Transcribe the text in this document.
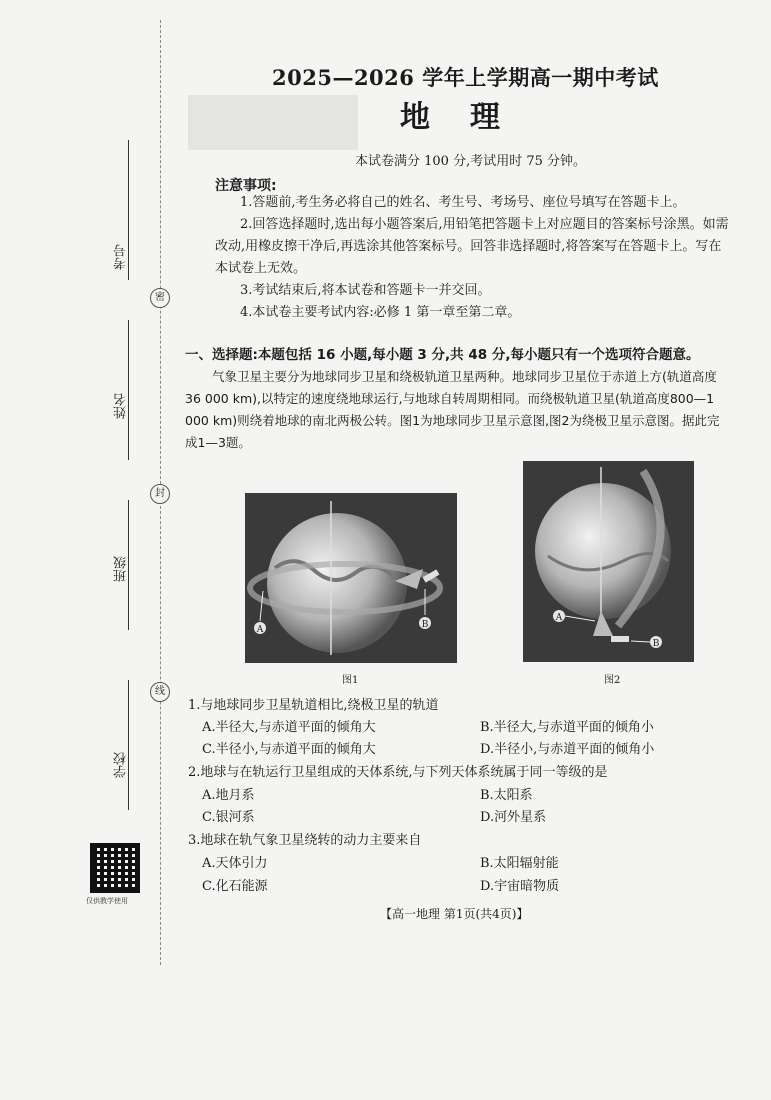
密
封
线
考号
姓名
班级
学校
仅供教学使用
2025—2026 学年上学期高一期中考试
地理
本试卷满分 100 分,考试用时 75 分钟。
注意事项:
1.答题前,考生务必将自己的姓名、考生号、考场号、座位号填写在答题卡上。
2.回答选择题时,选出每小题答案后,用铅笔把答题卡上对应题目的答案标号涂黑。如需改动,用橡皮擦干净后,再选涂其他答案标号。回答非选择题时,将答案写在答题卡上。写在本试卷上无效。
3.考试结束后,将本试卷和答题卡一并交回。
4.本试卷主要考试内容:必修 1 第一章至第二章。
一、选择题:本题包括 16 小题,每小题 3 分,共 48 分,每小题只有一个选项符合题意。
气象卫星主要分为地球同步卫星和绕极轨道卫星两种。地球同步卫星位于赤道上方(轨道高度36 000 km),以特定的速度绕地球运行,与地球自转周期相同。而绕极轨道卫星(轨道高度800—1 000 km)则绕着地球的南北两极公转。图1为地球同步卫星示意图,图2为绕极卫星示意图。据此完成1—3题。
A	B
图1
A
B
图2
1.与地球同步卫星轨道相比,绕极卫星的轨道
A.半径大,与赤道平面的倾角大	B.半径大,与赤道平面的倾角小
C.半径小,与赤道平面的倾角大	D.半径小,与赤道平面的倾角小
2.地球与在轨运行卫星组成的天体系统,与下列天体系统属于同一等级的是
A.地月系	B.太阳系
C.银河系	D.河外星系
3.地球在轨气象卫星绕转的动力主要来自
A.天体引力	B.太阳辐射能
C.化石能源	D.宇宙暗物质
【高一地理 第1页(共4页)】
